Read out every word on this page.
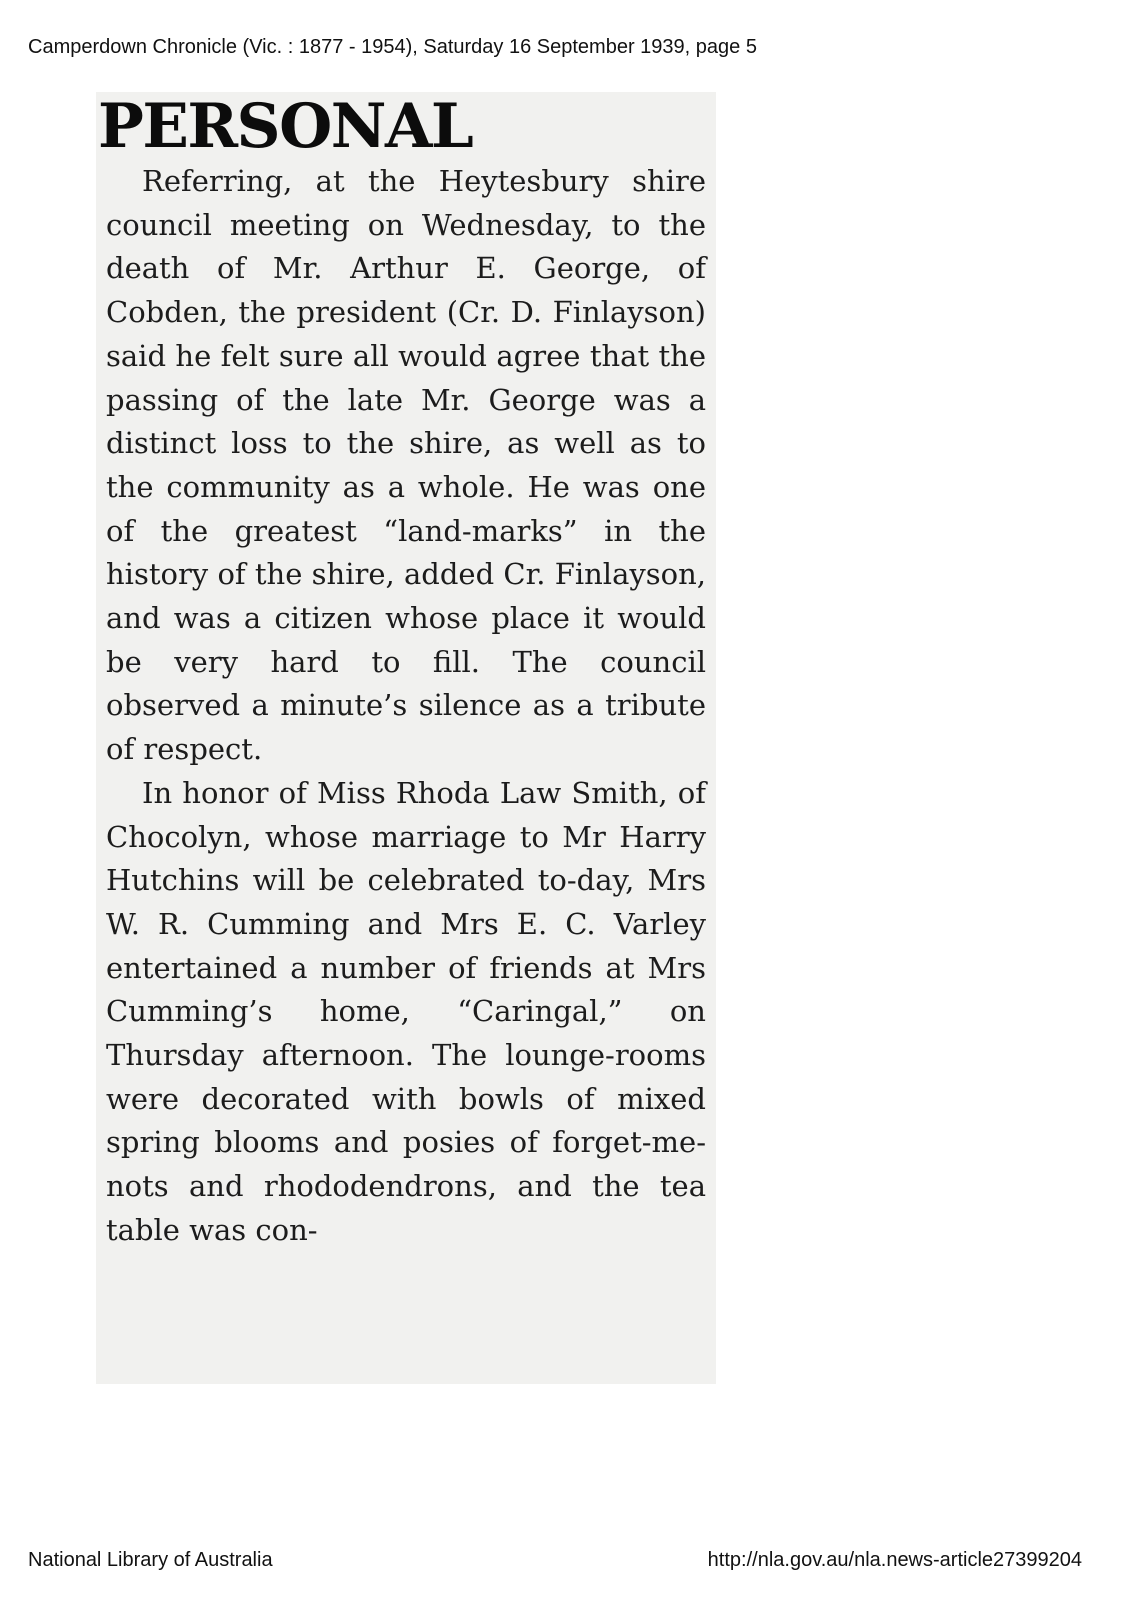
Camperdown Chronicle (Vic. : 1877 - 1954), Saturday 16 September 1939, page 5
PERSONAL

Referring, at the Heytesbury shire council meeting on Wednesday, to the death of Mr. Arthur E. George, of Cobden, the president (Cr. D. Finlayson) said he felt sure all would agree that the passing of the late Mr. George was a distinct loss to the shire, as well as to the community as a whole. He was one of the greatest “land-marks” in the history of the shire, added Cr. Finlayson, and was a citizen whose place it would be very hard to fill. The council observed a minute’s silence as a tribute of respect.

In honor of Miss Rhoda Law Smith, of Chocolyn, whose marriage to Mr Harry Hutchins will be celebrated to-day, Mrs W. R. Cumming and Mrs E. C. Varley entertained a number of friends at Mrs Cumming’s home, “Caringal,” on Thursday afternoon. The lounge-rooms were decorated with bowls of mixed spring blooms and posies of forget-me-nots and rhododendrons, and the tea table was con-

National Library of Australia	http://nla.gov.au/nla.news-article27399204
